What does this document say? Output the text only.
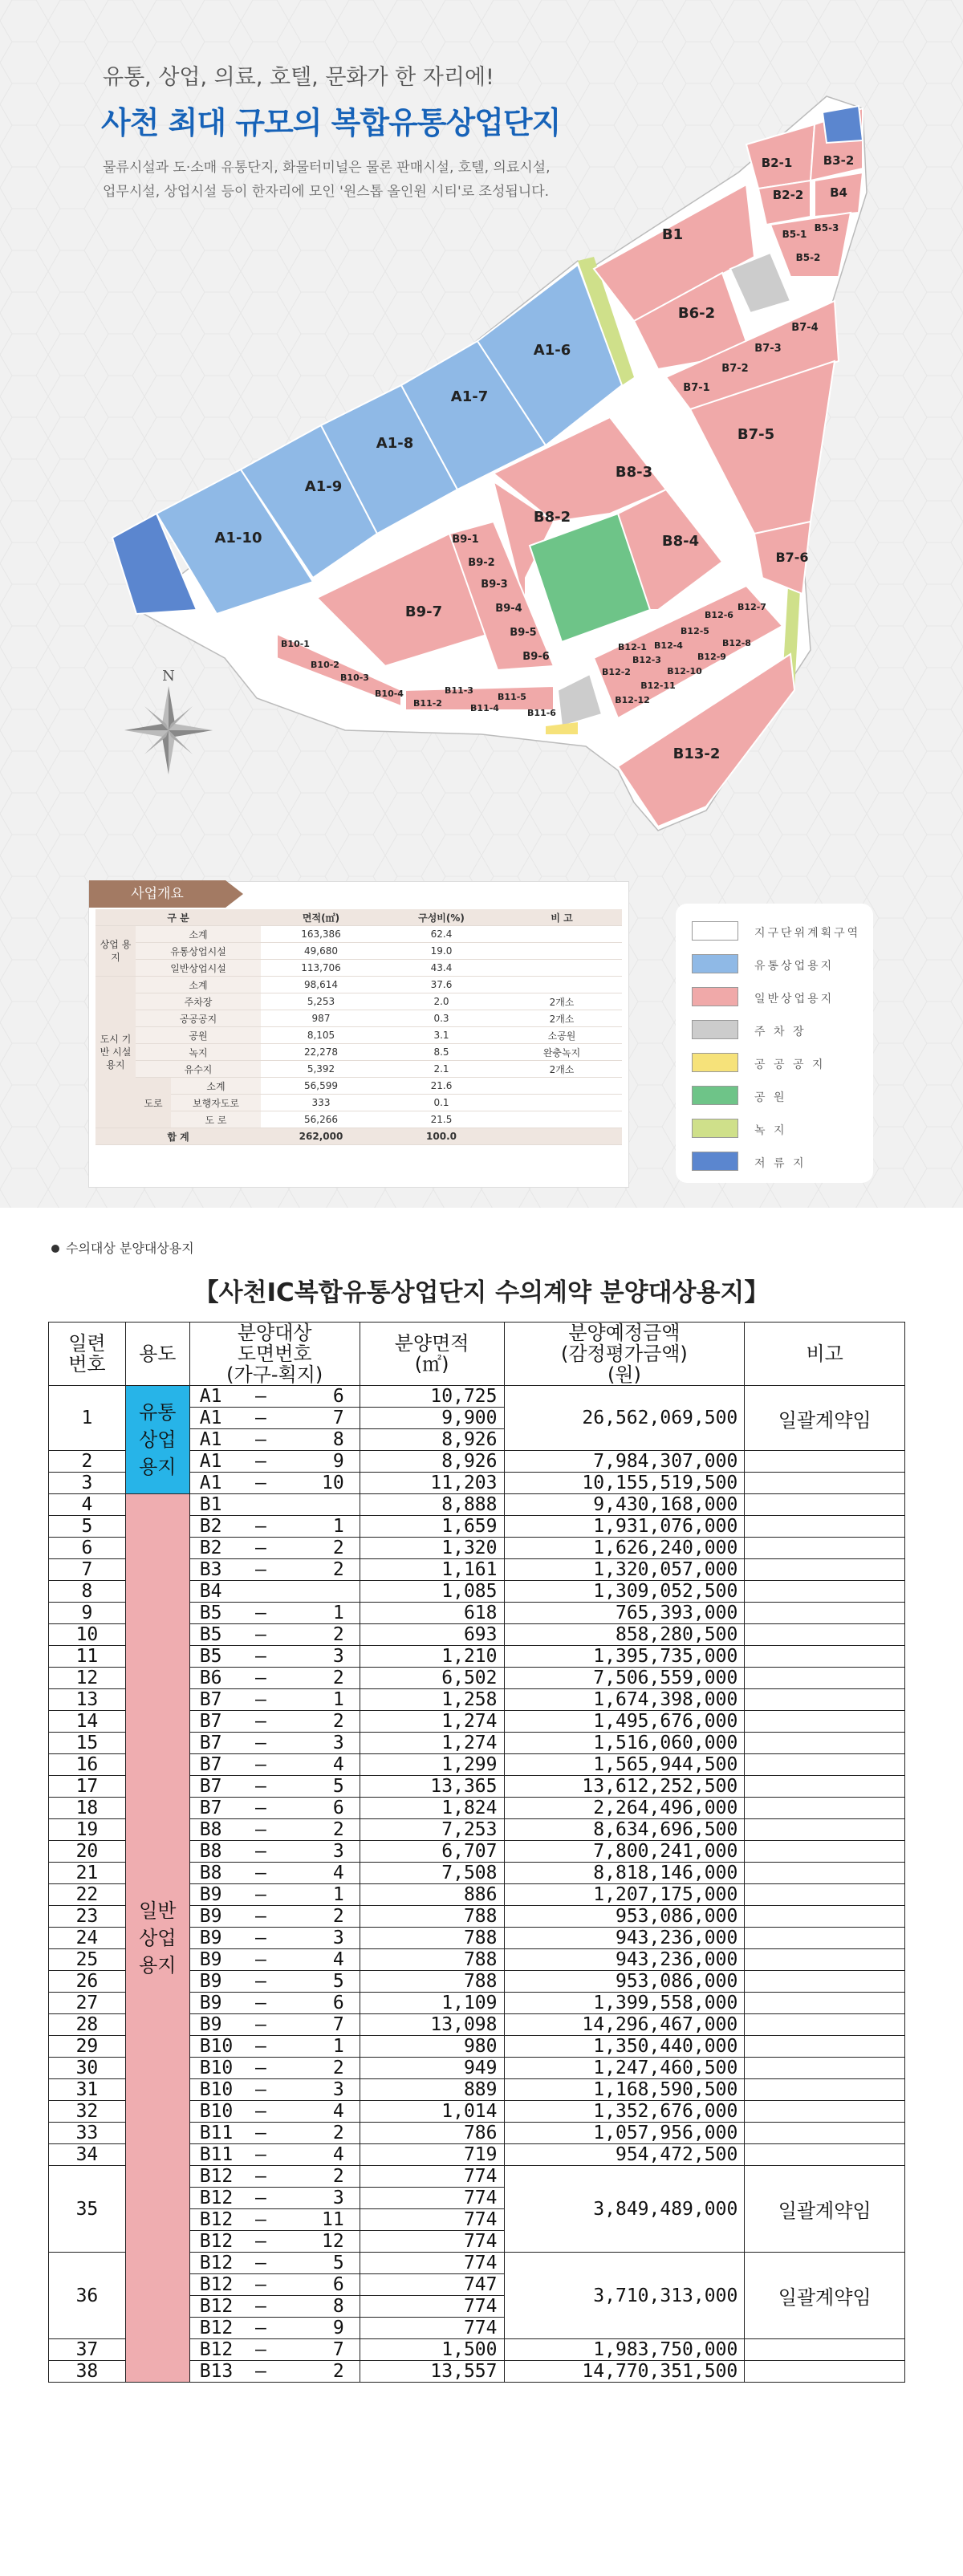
유통, 상업, 의료, 호텔, 문화가 한 자리에!
사천 최대 규모의 복합유통상업단지
물류시설과 도·소매 유통단지, 화물터미널은 물론 판매시설, 호텔, 의료시설,
업무시설, 상업시설 등이 한자리에 모인 '원스톱 올인원 시티'로 조성됩니다.
B2-1	B3-2
B2-2 B4
B1	B5-1
B5-3
B5-2
B6-2
B7-4
B7-3
B7-2
B7-1
A1-6
A1-7
A1-8
A1-9
A1-10
B8-3
B8-2
B8-4
B7-5
B7-6
B9-1
B9-2
B9-3
B9-4
B9-5
B9-6
B9-7
B10-1
B10-2
B10-3
B10-4
B11-2
B11-3
B11-4
B11-5
B11-6
B12-1
B12-2
B12-3
B12-4
B12-5
B12-6
B12-7
B12-8
B12-9
B12-10
B12-11
B12-12
B13-2
N
사업개요
구 분			면적(㎡)	구성비(%)	비 고
상업 용지	소계		163,386	62.4	
	유통상업시설		49,680	19.0	
	일반상업시설		113,706	43.4	
도시 기반 시설 용지	소계		98,614	37.6	
	주차장		5,253	2.0	2개소
	공공공지		987	0.3	2개소
	공원		8,105	3.1	소공원
	녹지		22,278	8.5	완충녹지
	유수지		5,392	2.1	2개소
	도로	소계	56,599	21.6	
		보행자도로	333	0.1	
		도 로	56,266	21.5	
합 계			262,000	100.0	
지구단위계획구역
유통상업용지
일반상업용지
주 차 장
공 공 공 지
공 원
녹 지
저 류 지
수의대상 분양대상용지
【사천IC복합유통상업단지 수의계약 분양대상용지】
일련
번호	용도	분양대상
도면번호
(가구-획지)	분양면적
(㎡)	분양예정금액
(감정평가금액)
(원)	비고
1	유통
상업
용지	A1   –      6	10,725	26,562,069,500	일괄계약임
		A1   –      7	9,900		
		A1   –      8	8,926		
2		A1   –      9	8,926	7,984,307,000	
3		A1   –     10	11,203	10,155,519,500	
4	일반
상업
용지	B1	8,888	9,430,168,000	
5		B2   –      1	1,659	1,931,076,000	
6		B2   –      2	1,320	1,626,240,000	
7		B3   –      2	1,161	1,320,057,000	
8		B4	1,085	1,309,052,500	
9		B5   –      1	618	765,393,000	
10		B5   –      2	693	858,280,500	
11		B5   –      3	1,210	1,395,735,000	
12		B6   –      2	6,502	7,506,559,000	
13		B7   –      1	1,258	1,674,398,000	
14		B7   –      2	1,274	1,495,676,000	
15		B7   –      3	1,274	1,516,060,000	
16		B7   –      4	1,299	1,565,944,500	
17		B7   –      5	13,365	13,612,252,500	
18		B7   –      6	1,824	2,264,496,000	
19		B8   –      2	7,253	8,634,696,500	
20		B8   –      3	6,707	7,800,241,000	
21		B8   –      4	7,508	8,818,146,000	
22		B9   –      1	886	1,207,175,000	
23		B9   –      2	788	953,086,000	
24		B9   –      3	788	943,236,000	
25		B9   –      4	788	943,236,000	
26		B9   –      5	788	953,086,000	
27		B9   –      6	1,109	1,399,558,000	
28		B9   –      7	13,098	14,296,467,000	
29		B10  –      1	980	1,350,440,000	
30		B10  –      2	949	1,247,460,500	
31		B10  –      3	889	1,168,590,500	
32		B10  –      4	1,014	1,352,676,000	
33		B11  –      2	786	1,057,956,000	
34		B11  –      4	719	954,472,500	
35		B12  –      2	774	3,849,489,000	일괄계약임
		B12  –      3	774		
		B12  –     11	774		
		B12  –     12	774		
36		B12  –      5	774	3,710,313,000	일괄계약임
		B12  –      6	747		
		B12  –      8	774		
		B12  –      9	774		
37		B12  –      7	1,500	1,983,750,000	
38		B13  –      2	13,557	14,770,351,500	
